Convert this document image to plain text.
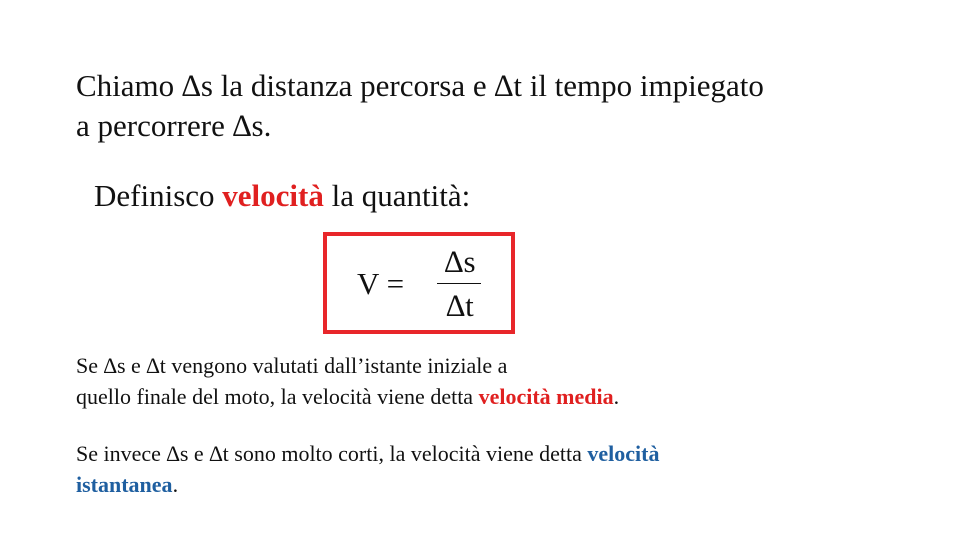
Chiamo ∆s la distanza percorsa e ∆t il tempo impiegato
a percorrere ∆s.
Definisco velocità la quantità:
V =
∆s
∆t
Se ∆s e ∆t vengono valutati dall’istante iniziale a
quello finale del moto, la velocità viene detta velocità media.
Se invece ∆s e ∆t sono molto corti, la velocità viene detta velocità
istantanea.
